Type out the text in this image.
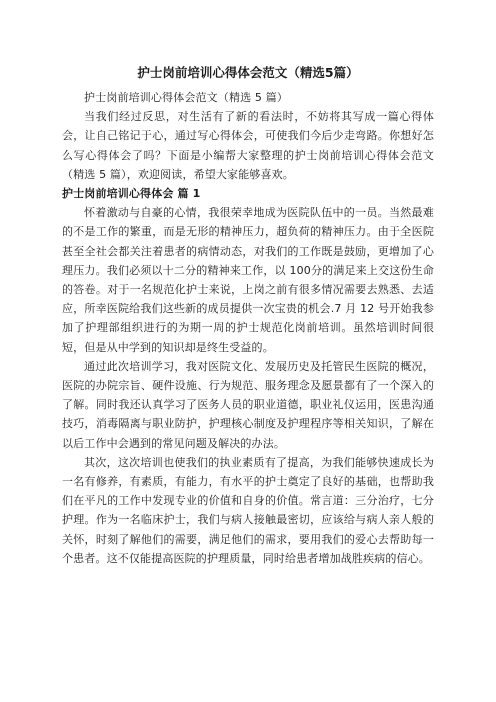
护士岗前培训心得体会范文（精选5篇）

护士岗前培训心得体会范文（精选 5 篇）

当我们经过反思，对生活有了新的看法时，不妨将其写成一篇心得体会，让自己铭记于心，通过写心得体会，可使我们今后少走弯路。你想好怎么写心得体会了吗？下面是小编帮大家整理的护士岗前培训心得体会范文（精选 5 篇），欢迎阅读，希望大家能够喜欢。

护士岗前培训心得体会 篇 1

怀着激动与自豪的心情，我很荣幸地成为医院队伍中的一员。当然最难的不是工作的繁重，而是无形的精神压力，超负荷的精神压力。由于全医院甚至全社会都关注着患者的病情动态，对我们的工作既是鼓励，更增加了心理压力。我们必须以十二分的精神来工作，以 100分的满足来上交这份生命的答卷。对于一名规范化护士来说，上岗之前有很多情况需要去熟悉、去适应，所幸医院给我们这些新的成员提供一次宝贵的机会.7 月 12 号开始我参加了护理部组织进行的为期一周的护士规范化岗前培训。虽然培训时间很短，但是从中学到的知识却是终生受益的。

通过此次培训学习，我对医院文化、发展历史及托管民生医院的概况，医院的办院宗旨、硬件设施、行为规范、服务理念及愿景都有了一个深入的了解。同时我还认真学习了医务人员的职业道德，职业礼仪运用，医患沟通技巧，消毒隔离与职业防护，护理核心制度及护理程序等相关知识，了解在以后工作中会遇到的常见问题及解决的办法。

其次，这次培训也使我们的执业素质有了提高，为我们能够快速成长为一名有修养，有素质，有能力，有水平的护士奠定了良好的基础，也帮助我们在平凡的工作中发现专业的价值和自身的价值。常言道：三分治疗，七分护理。作为一名临床护士，我们与病人接触最密切，应该给与病人亲人般的关怀，时刻了解他们的需要，满足他们的需求，要用我们的爱心去帮助每一个患者。这不仅能提高医院的护理质量，同时给患者增加战胜疾病的信心。
